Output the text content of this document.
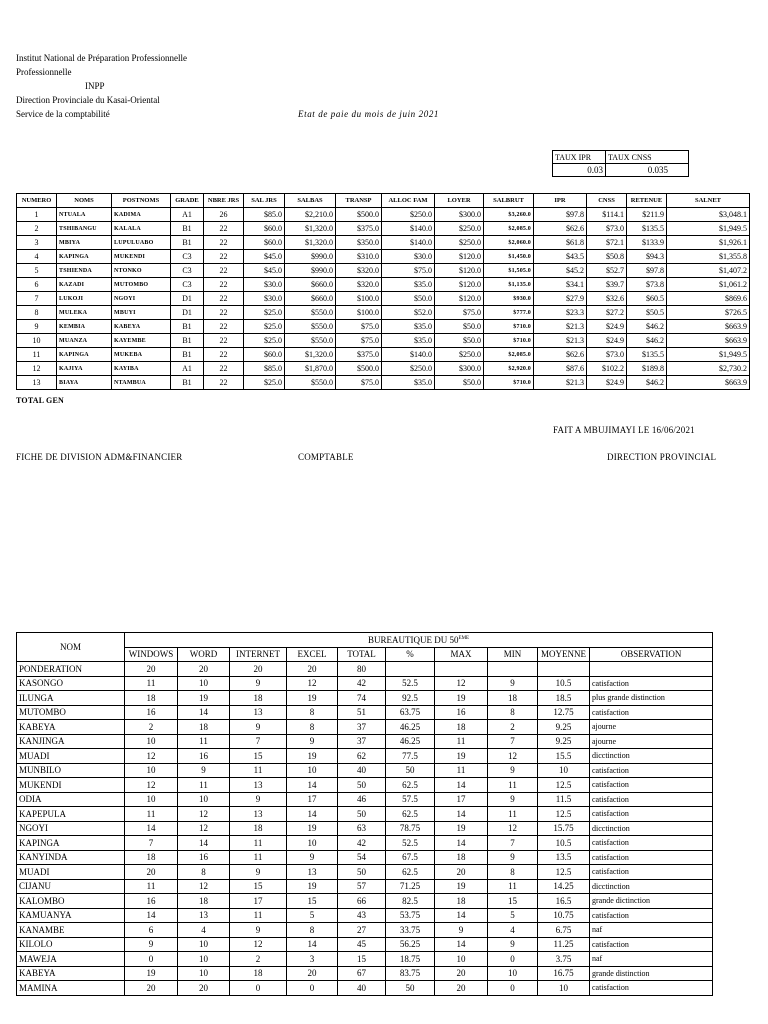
Institut National de Préparation Professionnelle
Professionnelle
INPP
Direction Provinciale du Kasai-Oriental
Service de la comptabilité	Etat de paie du mois de juin 2021
TAUX IPR	TAUX CNSS
0.03	0.035
NUMERO	NOMS	POSTNOMS	GRADE	NBRE JRS	SAL JRS	SALBAS	TRANSP	ALLOC FAM	LOYER	SALBRUT	IPR	CNSS	RETENUE	SALNET
1	NTUALA	KADIMA	A1	26	$85.0	$2,210.0	$500.0	$250.0	$300.0	$3,260.0	$97.8	$114.1	$211.9	$3,048.1
2	TSHIBANGU	KALALA	B1	22	$60.0	$1,320.0	$375.0	$140.0	$250.0	$2,085.0	$62.6	$73.0	$135.5	$1,949.5
3	MBIYA	LUPULUABO	B1	22	$60.0	$1,320.0	$350.0	$140.0	$250.0	$2,060.0	$61.8	$72.1	$133.9	$1,926.1
4	KAPINGA	MUKENDI	C3	22	$45.0	$990.0	$310.0	$30.0	$120.0	$1,450.0	$43.5	$50.8	$94.3	$1,355.8
5	TSHIENDA	NTONKO	C3	22	$45.0	$990.0	$320.0	$75.0	$120.0	$1,505.0	$45.2	$52.7	$97.8	$1,407.2
6	KAZADI	MUTOMBO	C3	22	$30.0	$660.0	$320.0	$35.0	$120.0	$1,135.0	$34.1	$39.7	$73.8	$1,061.2
7	LUKOJI	NGOYI	D1	22	$30.0	$660.0	$100.0	$50.0	$120.0	$930.0	$27.9	$32.6	$60.5	$869.6
8	MULEKA	MBUYI	D1	22	$25.0	$550.0	$100.0	$52.0	$75.0	$777.0	$23.3	$27.2	$50.5	$726.5
9	KEMBIA	KABEYA	B1	22	$25.0	$550.0	$75.0	$35.0	$50.0	$710.0	$21.3	$24.9	$46.2	$663.9
10	MUANZA	KAYEMBE	B1	22	$25.0	$550.0	$75.0	$35.0	$50.0	$710.0	$21.3	$24.9	$46.2	$663.9
11	KAPINGA	MUKEBA	B1	22	$60.0	$1,320.0	$375.0	$140.0	$250.0	$2,085.0	$62.6	$73.0	$135.5	$1,949.5
12	KAJIYA	KAYIBA	A1	22	$85.0	$1,870.0	$500.0	$250.0	$300.0	$2,920.0	$87.6	$102.2	$189.8	$2,730.2
13	BIAYA	NTAMBUA	B1	22	$25.0	$550.0	$75.0	$35.0	$50.0	$710.0	$21.3	$24.9	$46.2	$663.9
TOTAL GEN
FAIT A MBUJIMAYI LE 16/06/2021
FICHE DE DIVISION ADM&FINANCIER	COMPTABLE	DIRECTION PROVINCIAL
NOM	BUREAUTIQUE DU 50EME
	WINDOWS	WORD	INTERNET	EXCEL	TOTAL	%	MAX	MIN	MOYENNE	OBSERVATION
PONDERATION	20	20	20	20	80					
KASONGO	11	10	9	12	42	52.5	12	9	10.5	catisfaction
ILUNGA	18	19	18	19	74	92.5	19	18	18.5	plus grande distinction
MUTOMBO	16	14	13	8	51	63.75	16	8	12.75	catisfaction
KABEYA	2	18	9	8	37	46.25	18	2	9.25	ajourne
KANJINGA	10	11	7	9	37	46.25	11	7	9.25	ajourne
MUADI	12	16	15	19	62	77.5	19	12	15.5	dicctinction
MUNBILO	10	9	11	10	40	50	11	9	10	catisfaction
MUKENDI	12	11	13	14	50	62.5	14	11	12.5	catisfaction
ODIA	10	10	9	17	46	57.5	17	9	11.5	catisfaction
KAPEPULA	11	12	13	14	50	62.5	14	11	12.5	catisfaction
NGOYI	14	12	18	19	63	78.75	19	12	15.75	dicctinction
KAPINGA	7	14	11	10	42	52.5	14	7	10.5	catisfaction
KANYINDA	18	16	11	9	54	67.5	18	9	13.5	catisfaction
MUADI	20	8	9	13	50	62.5	20	8	12.5	catisfaction
CIJANU	11	12	15	19	57	71.25	19	11	14.25	dicctinction
KALOMBO	16	18	17	15	66	82.5	18	15	16.5	grande dictinction
KAMUANYA	14	13	11	5	43	53.75	14	5	10.75	catisfaction
KANAMBE	6	4	9	8	27	33.75	9	4	6.75	naf
KILOLO	9	10	12	14	45	56.25	14	9	11.25	catisfaction
MAWEJA	0	10	2	3	15	18.75	10	0	3.75	naf
KABEYA	19	10	18	20	67	83.75	20	10	16.75	grande distinction
MAMINA	20	20	0	0	40	50	20	0	10	catisfaction
